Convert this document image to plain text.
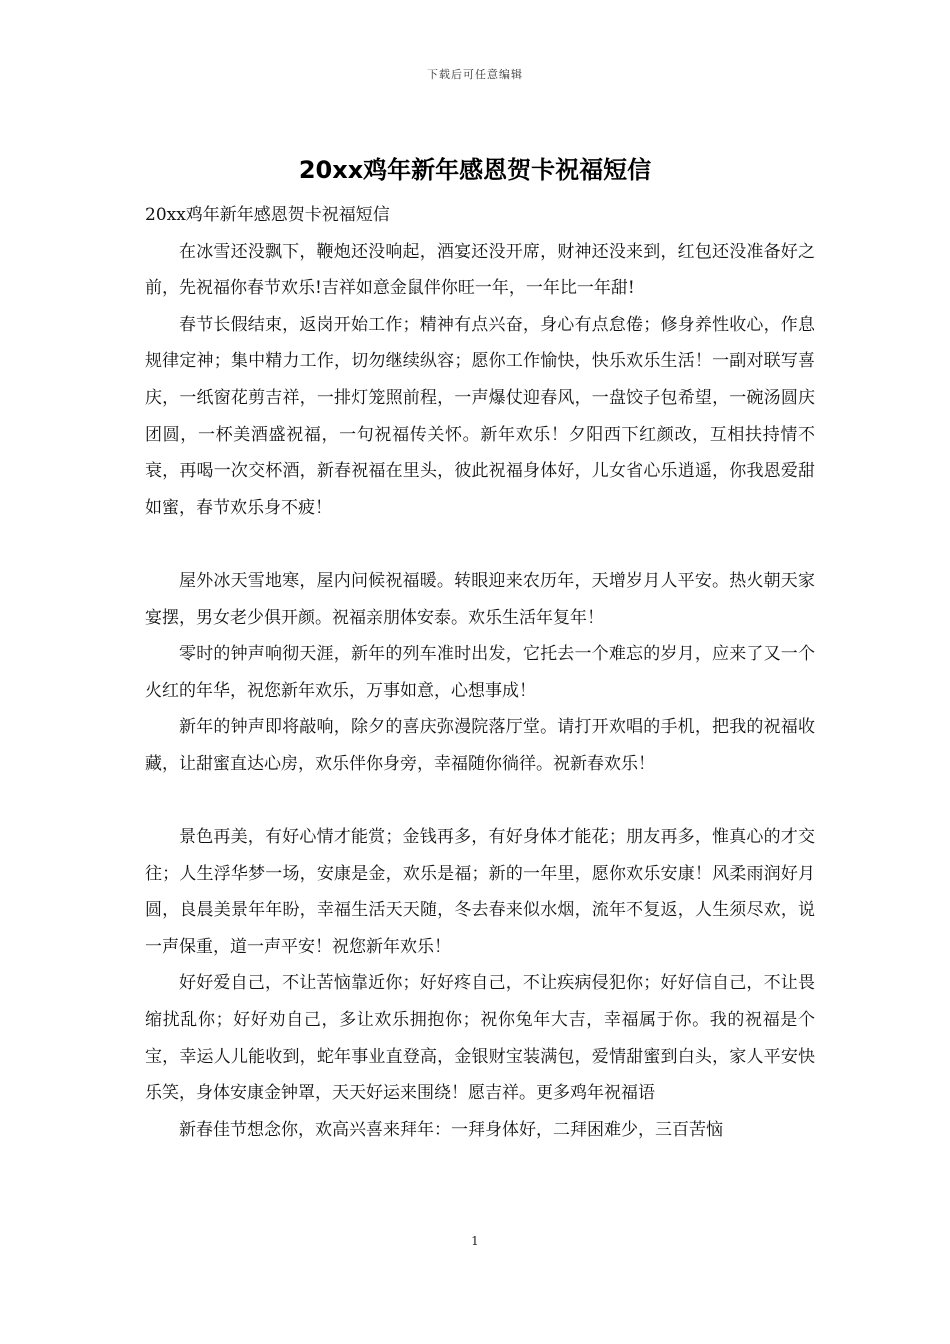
下载后可任意编辑
20xx鸡年新年感恩贺卡祝福短信

20xx鸡年新年感恩贺卡祝福短信

在冰雪还没飘下，鞭炮还没响起，酒宴还没开席，财神还没来到，红包还没准备好之前，先祝福你春节欢乐!吉祥如意金鼠伴你旺一年，一年比一年甜!

春节长假结束，返岗开始工作；精神有点兴奋，身心有点怠倦；修身养性收心，作息规律定神；集中精力工作，切勿继续纵容；愿你工作愉快，快乐欢乐生活！一副对联写喜庆，一纸窗花剪吉祥，一排灯笼照前程，一声爆仗迎春风，一盘饺子包希望，一碗汤圆庆团圆，一杯美酒盛祝福，一句祝福传关怀。新年欢乐！夕阳西下红颜改，互相扶持情不衰，再喝一次交杯酒，新春祝福在里头，彼此祝福身体好，儿女省心乐逍遥，你我恩爱甜如蜜，春节欢乐身不疲！

屋外冰天雪地寒，屋内问候祝福暖。转眼迎来农历年，天增岁月人平安。热火朝天家宴摆，男女老少俱开颜。祝福亲朋体安泰。欢乐生活年复年！

零时的钟声响彻天涯，新年的列车准时出发，它托去一个难忘的岁月，应来了又一个火红的年华，祝您新年欢乐，万事如意，心想事成！

新年的钟声即将敲响，除夕的喜庆弥漫院落厅堂。请打开欢唱的手机，把我的祝福收藏，让甜蜜直达心房，欢乐伴你身旁，幸福随你徜徉。祝新春欢乐！

景色再美，有好心情才能赏；金钱再多，有好身体才能花；朋友再多，惟真心的才交往；人生浮华梦一场，安康是金，欢乐是福；新的一年里，愿你欢乐安康！风柔雨润好月圆，良晨美景年年盼，幸福生活天天随，冬去春来似水烟，流年不复返，人生须尽欢，说一声保重，道一声平安！祝您新年欢乐！

好好爱自己，不让苦恼靠近你；好好疼自己，不让疾病侵犯你；好好信自己，不让畏缩扰乱你；好好劝自己，多让欢乐拥抱你；祝你兔年大吉，幸福属于你。我的祝福是个宝，幸运人儿能收到，蛇年事业直登高，金银财宝装满包，爱情甜蜜到白头，家人平安快乐笑，身体安康金钟罩，天天好运来围绕！愿吉祥。更多鸡年祝福语

新春佳节想念你，欢高兴喜来拜年：一拜身体好，二拜困难少，三百苦恼

1
